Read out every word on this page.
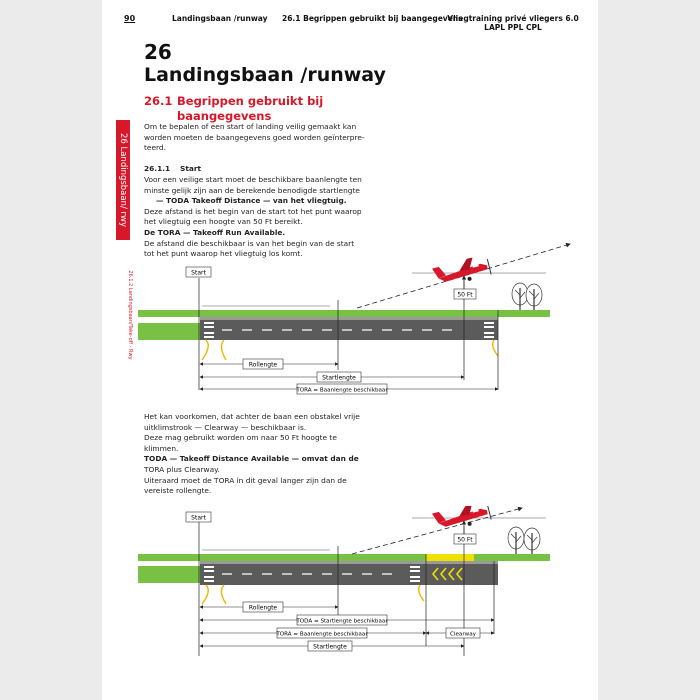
90	Landingsbaan /runway 26.1 Begrippen gebruikt bij baangegevens
Vliegtraining privé vliegers 6.0
LAPL PPL CPL
26 Landingsbaan/ rwy
26.1.2 Landingsbaan/Take-off - Rwy
26
Landingsbaan /runway
26.1 Begrippen gebruikt bij
baangegevens

Om te bepalen of een start of landing veilig gemaakt kan

worden moeten de baangegevens goed worden geïnterpre-

teerd.

26.1.1 Start

Voor een veilige start moet de beschikbare baanlengte ten

minste gelijk zijn aan de berekende benodigde startlengte

— TODA Takeoff Distance — van het vliegtuig.

Deze afstand is het begin van de start tot het punt waarop

het vliegtuig een hoogte van 50 Ft bereikt.

De TORA — Takeoff Run Available.

De afstand die beschikbaar is van het begin van de start

tot het punt waarop het vliegtuig los komt.

Het kan voorkomen, dat achter de baan een obstakel vrije

uitklimstrook — Clearway — beschikbaar is.

Deze mag gebruikt worden om naar 50 Ft hoogte te

klimmen.

TODA — Takeoff Distance Available — omvat dan de

TORA plus Clearway.

Uiteraard moet de TORA in dit geval langer zijn dan de

vereiste rollengte.

Start
50 Ft
Rollengte
Startlengte
TORA = Baanlengte beschikbaar
Start
50 Ft
Rollengte
TODA = Startlengte beschikbaar
TORA = Baanlengte beschikbaar	Clearway
Startlengte
